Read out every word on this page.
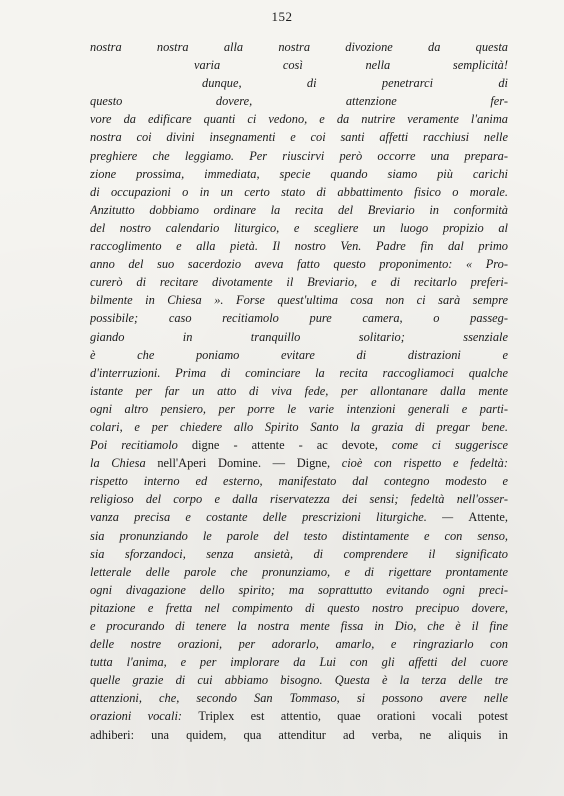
152
nostra nostra alla nostra divozione da questa
varia così nella semplicità!
dunque, di penetrarci di
questo dovere, attenzione fer-
vore da edificare quanti ci vedono, e da nutrire veramente l'anima
nostra coi divini insegnamenti e coi santi affetti racchiusi nelle
preghiere che leggiamo. Per riuscirvi però occorre una prepara-
zione prossima, immediata, specie quando siamo più carichi
di occupazioni o in un certo stato di abbattimento fisico o morale.
Anzitutto dobbiamo ordinare la recita del Breviario in conformità
del nostro calendario liturgico, e scegliere un luogo propizio al
raccoglimento e alla pietà. Il nostro Ven. Padre fin dal primo
anno del suo sacerdozio aveva fatto questo proponimento: « Pro-
curerò di recitare divotamente il Breviario, e di recitarlo preferi-
bilmente in Chiesa ». Forse quest'ultima cosa non ci sarà sempre
possibile; caso recitiamolo pure camera, o passeg-
giando in tranquillo solitario; ssenziale
è che poniamo evitare di distrazioni e
d'interruzioni. Prima di cominciare la recita raccogliamoci qualche
istante per far un atto di viva fede, per allontanare dalla mente
ogni altro pensiero, per porre le varie intenzioni generali e parti-
colari, e per chiedere allo Spirito Santo la grazia di pregar bene.
Poi recitiamolo digne - attente - ac devote, come ci suggerisce
la Chiesa nell'Aperi Domine. — Digne, cioè con rispetto e fedeltà:
rispetto interno ed esterno, manifestato dal contegno modesto e
religioso del corpo e dalla riservatezza dei sensi; fedeltà nell'osser-
vanza precisa e costante delle prescrizioni liturgiche. — Attente,
sia pronunziando le parole del testo distintamente e con senso,
sia sforzandoci, senza ansietà, di comprendere il significato
letterale delle parole che pronunziamo, e di rigettare prontamente
ogni divagazione dello spirito; ma soprattutto evitando ogni preci-
pitazione e fretta nel compimento di questo nostro precipuo dovere,
e procurando di tenere la nostra mente fissa in Dio, che è il fine
delle nostre orazioni, per adorarlo, amarlo, e ringraziarlo con
tutta l'anima, e per implorare da Lui con gli affetti del cuore
quelle grazie di cui abbiamo bisogno. Questa è la terza delle tre
attenzioni, che, secondo San Tommaso, si possono avere nelle
orazioni vocali: Triplex est attentio, quae orationi vocali potest
adhiberi: una quidem, qua attenditur ad verba, ne aliquis in
